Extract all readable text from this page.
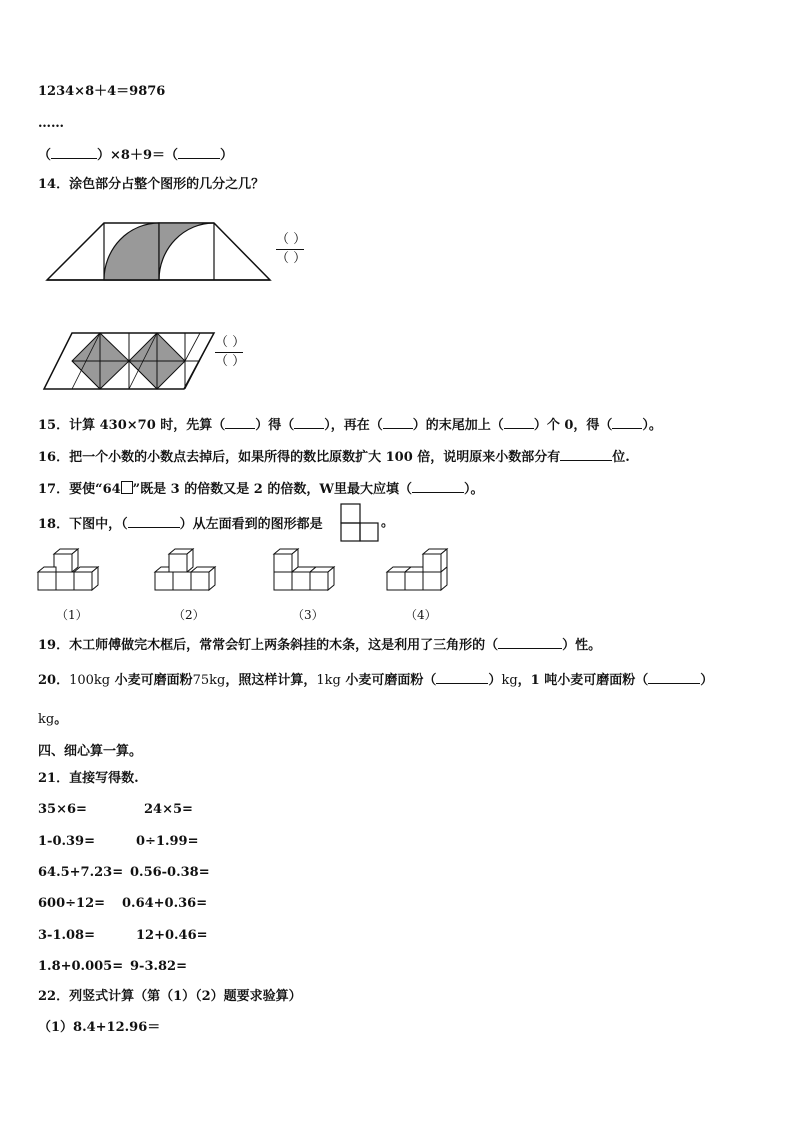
1234×8＋4＝9876
……
（	）×8＋9＝（	）
14．涂色部分占整个图形的几分之几？
（ ）
（ ）
（ ）
（ ）
15．计算 430×70 时，先算（ ）得（ ），再在（ ）的末尾加上（ ）个 0，得（ ）。
16．把一个小数的小数点去掉后，如果所得的数比原数扩大 100 倍，说明原来小数部分有	位.
17．要使“64 ”既是 3 的倍数又是 2 的倍数，W里最大应填（	）。
18．下图中，（	）从左面看到的图形都是	。
（1）	（2）	（3）	（4）
19．木工师傅做完木框后，常常会钉上两条斜挂的木条，这是利用了三角形的（	）性。
20．100kg 小麦可磨面粉75kg，照这样计算，1kg 小麦可磨面粉（	）kg，1 吨小麦可磨面粉（	）
kg。
四、细心算一算。
21．直接写得数.
35×6=	24×5=
1-0.39=	0÷1.99=
64.5+7.23= 0.56-0.38=
600÷12= 0.64+0.36=
3-1.08=	12+0.46=
1.8+0.005= 9-3.82=
22．列竖式计算（第（1）（2）题要求验算）
（1）8.4+12.96＝
